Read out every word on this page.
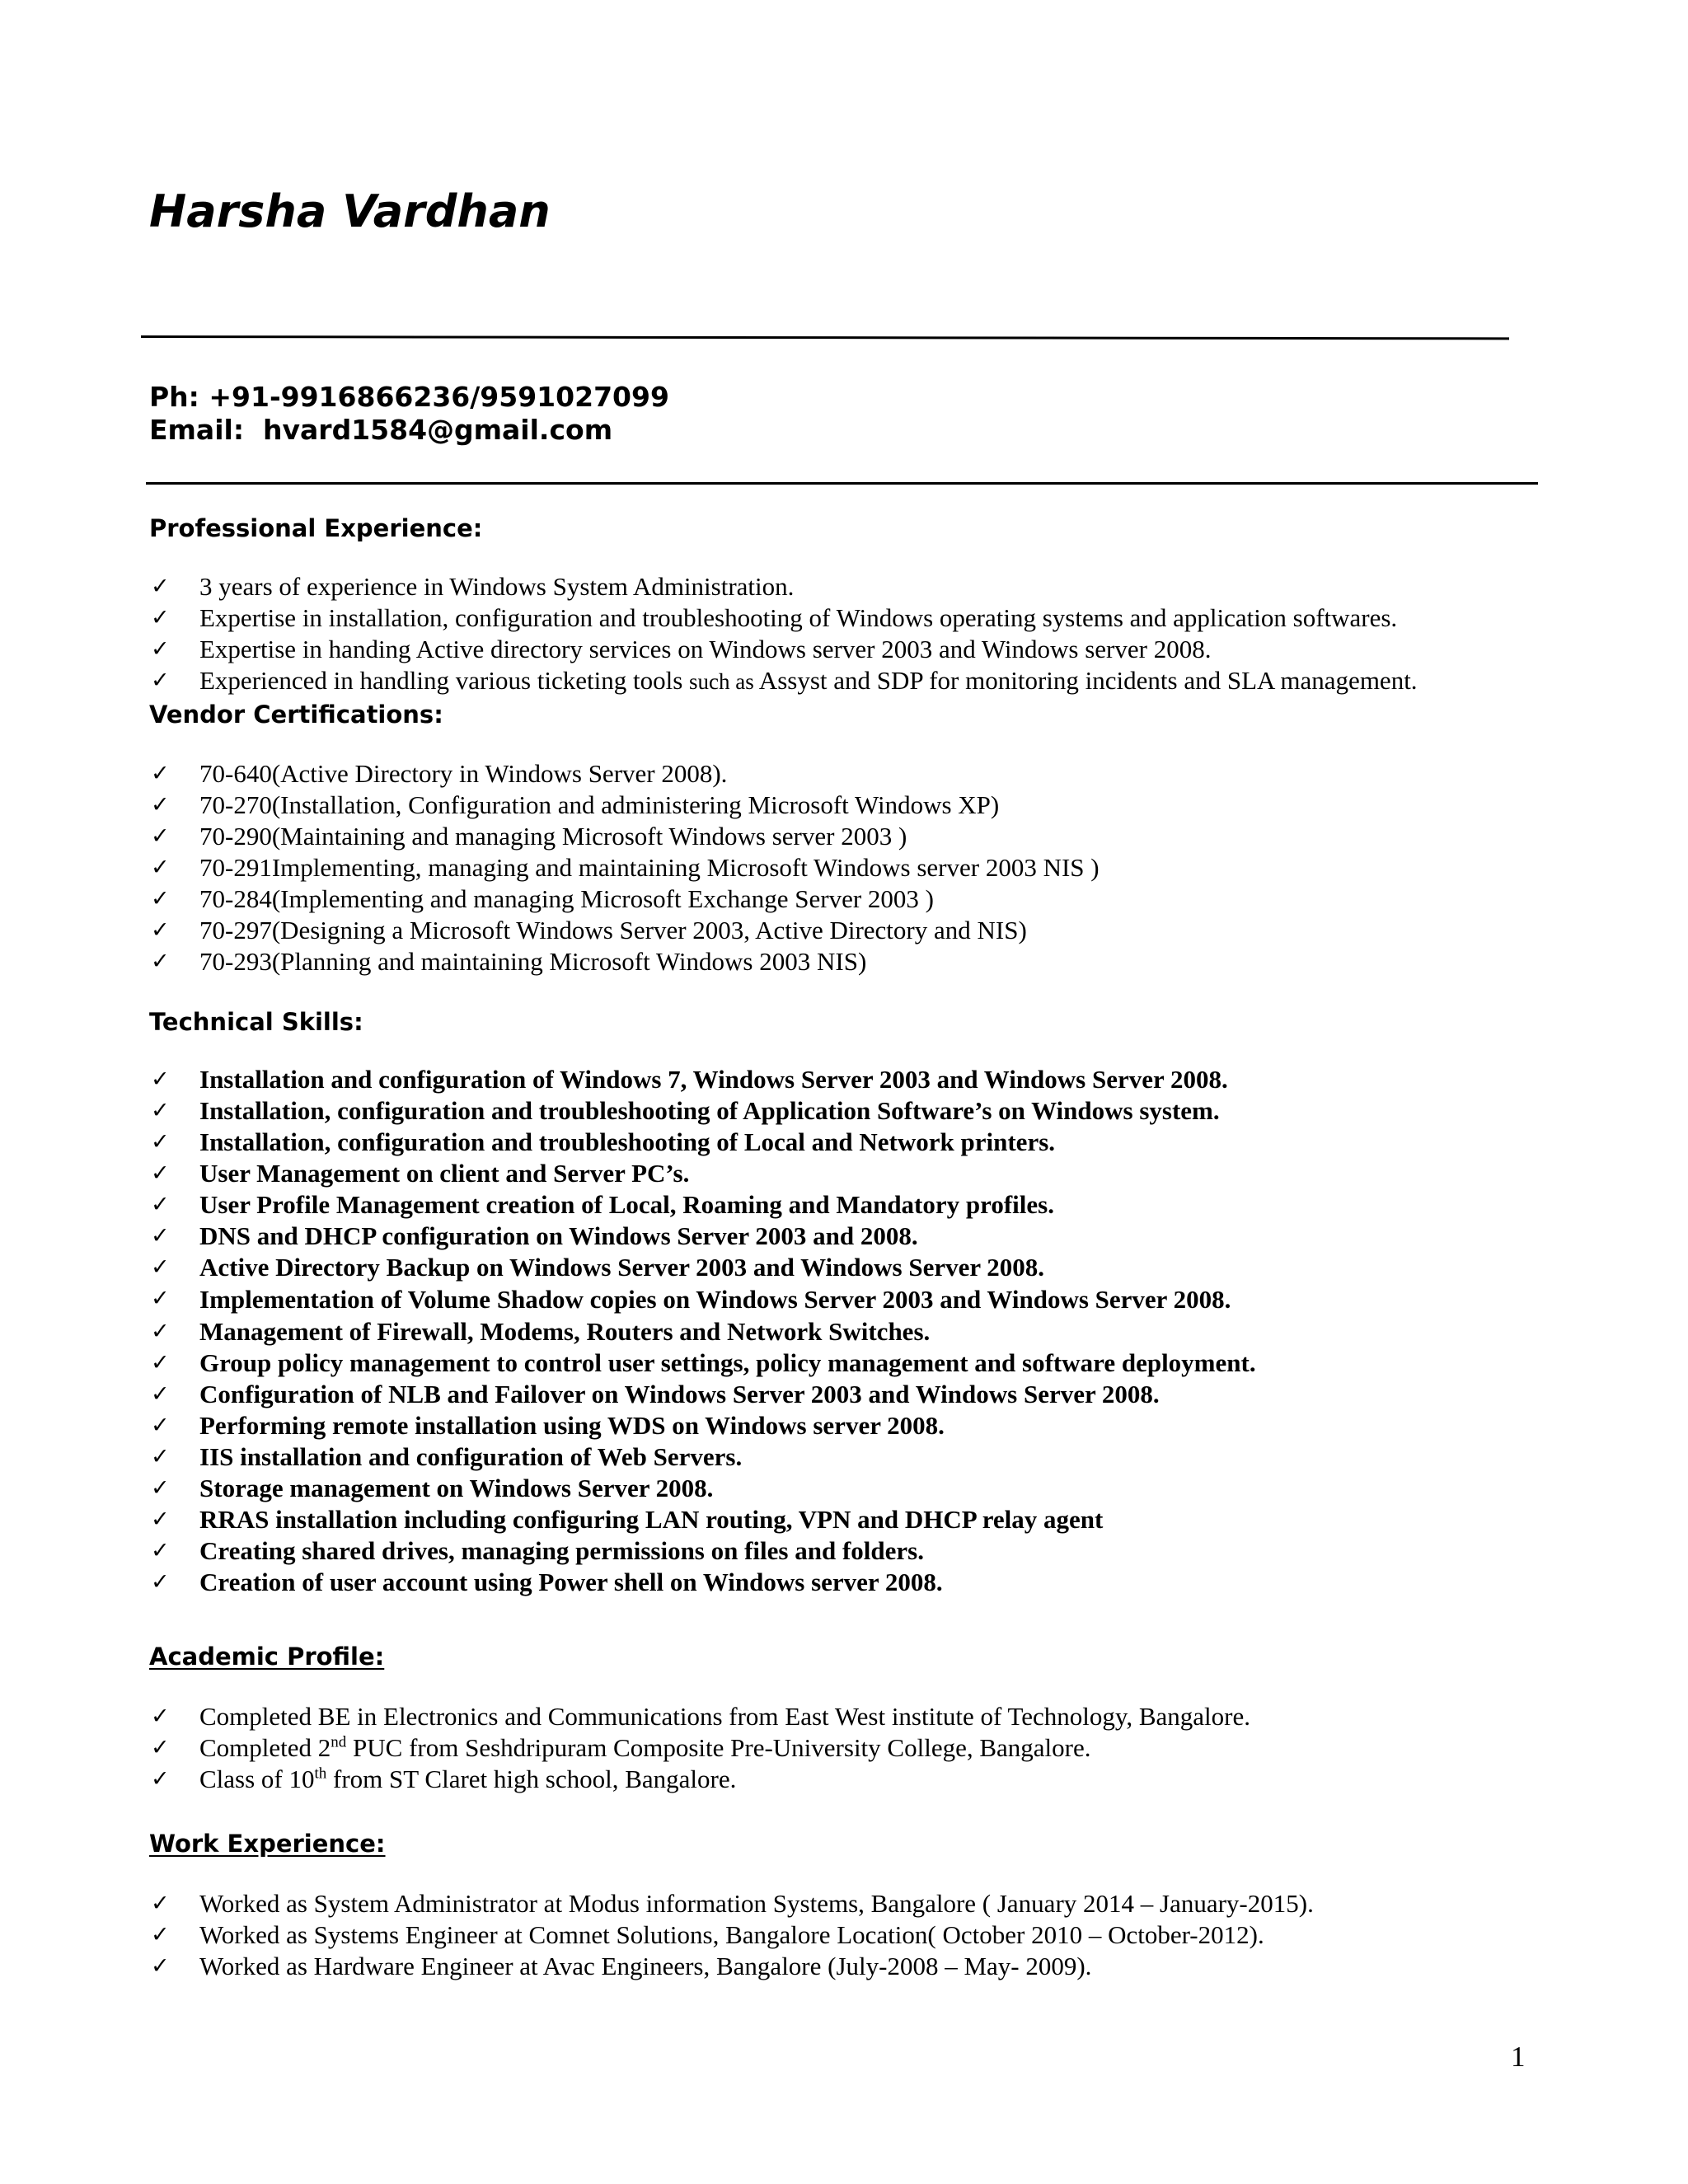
Harsha Vardhan
Ph: +91-9916866236/9591027099
Email: hvard1584@gmail.com
Professional Experience:
✓ 3 years of experience in Windows System Administration.
✓ Expertise in installation, configuration and troubleshooting of Windows operating systems and application softwares.
✓ Expertise in handing Active directory services on Windows server 2003 and Windows server 2008.
✓ Experienced in handling various ticketing tools such as Assyst and SDP for monitoring incidents and SLA management.
Vendor Certifications:
✓ 70-640(Active Directory in Windows Server 2008).
✓ 70-270(Installation, Configuration and administering Microsoft Windows XP)
✓ 70-290(Maintaining and managing Microsoft Windows server 2003 )
✓ 70-291Implementing, managing and maintaining Microsoft Windows server 2003 NIS )
✓ 70-284(Implementing and managing Microsoft Exchange Server 2003 )
✓ 70-297(Designing a Microsoft Windows Server 2003, Active Directory and NIS)
✓ 70-293(Planning and maintaining Microsoft Windows 2003 NIS)
Technical Skills:
✓ Installation and configuration of Windows 7, Windows Server 2003 and Windows Server 2008.
✓ Installation, configuration and troubleshooting of Application Software’s on Windows system.
✓ Installation, configuration and troubleshooting of Local and Network printers.
✓ User Management on client and Server PC’s.
✓ User Profile Management creation of Local, Roaming and Mandatory profiles.
✓ DNS and DHCP configuration on Windows Server 2003 and 2008.
✓ Active Directory Backup on Windows Server 2003 and Windows Server 2008.
✓ Implementation of Volume Shadow copies on Windows Server 2003 and Windows Server 2008.
✓ Management of Firewall, Modems, Routers and Network Switches.
✓ Group policy management to control user settings, policy management and software deployment.
✓ Configuration of NLB and Failover on Windows Server 2003 and Windows Server 2008.
✓ Performing remote installation using WDS on Windows server 2008.
✓ IIS installation and configuration of Web Servers.
✓ Storage management on Windows Server 2008.
✓ RRAS installation including configuring LAN routing, VPN and DHCP relay agent
✓ Creating shared drives, managing permissions on files and folders.
✓ Creation of user account using Power shell on Windows server 2008.
Academic Profile:
✓ Completed BE in Electronics and Communications from East West institute of Technology, Bangalore.
✓ Completed 2nd PUC from Seshdripuram Composite Pre-University College, Bangalore.
✓ Class of 10th from ST Claret high school, Bangalore.
Work Experience:
✓ Worked as System Administrator at Modus information Systems, Bangalore ( January 2014 – January-2015).
✓ Worked as Systems Engineer at Comnet Solutions, Bangalore Location( October 2010 – October-2012).
✓ Worked as Hardware Engineer at Avac Engineers, Bangalore (July-2008 – May- 2009).
1
